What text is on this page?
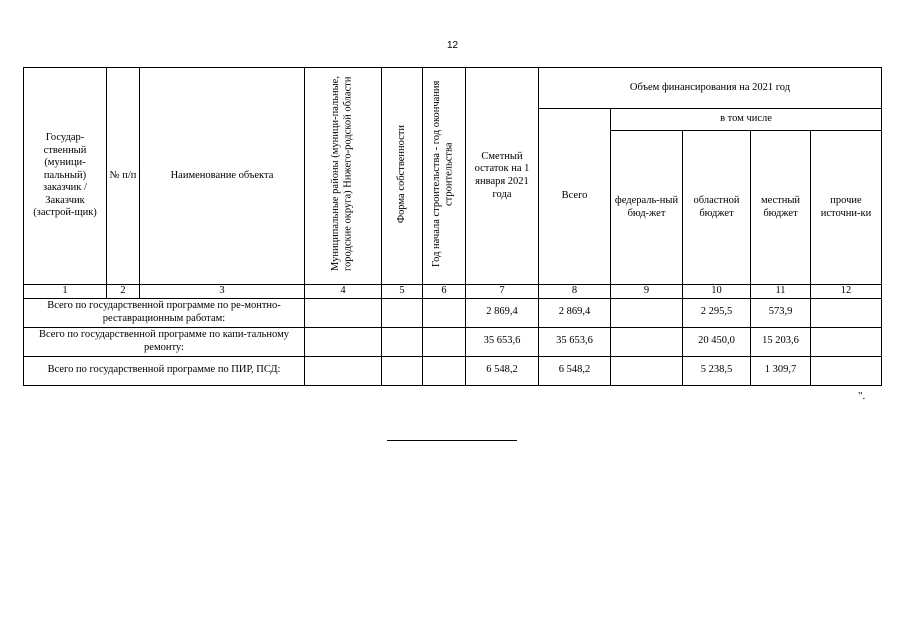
12
Государ-ственный (муници-пальный) заказчик / Заказчик (застрой-щик)	№ п/п	Наименование объекта	Муниципальные районы (муници-пальные, городские округа) Нижего-родской области	Форма собственности	Год начала строительства - год окончания строительства	Сметный остаток на 1 января 2021 года	Объем финансирования на 2021 год				
							Всего	в том числе			
								федераль-ный бюд-жет	областной бюджет	местный бюджет	прочие источни-ки
1	2	3	4	5	6	7	8	9	10	11	12
Всего по государственной программе по ре-монтно-реставрационным работам:						2 869,4	2 869,4		2 295,5	573,9	
Всего по государственной программе по капи-тальному ремонту:						35 653,6	35 653,6		20 450,0	15 203,6	
Всего по государственной программе по ПИР, ПСД:						6 548,2	6 548,2		5 238,5	1 309,7	
".
